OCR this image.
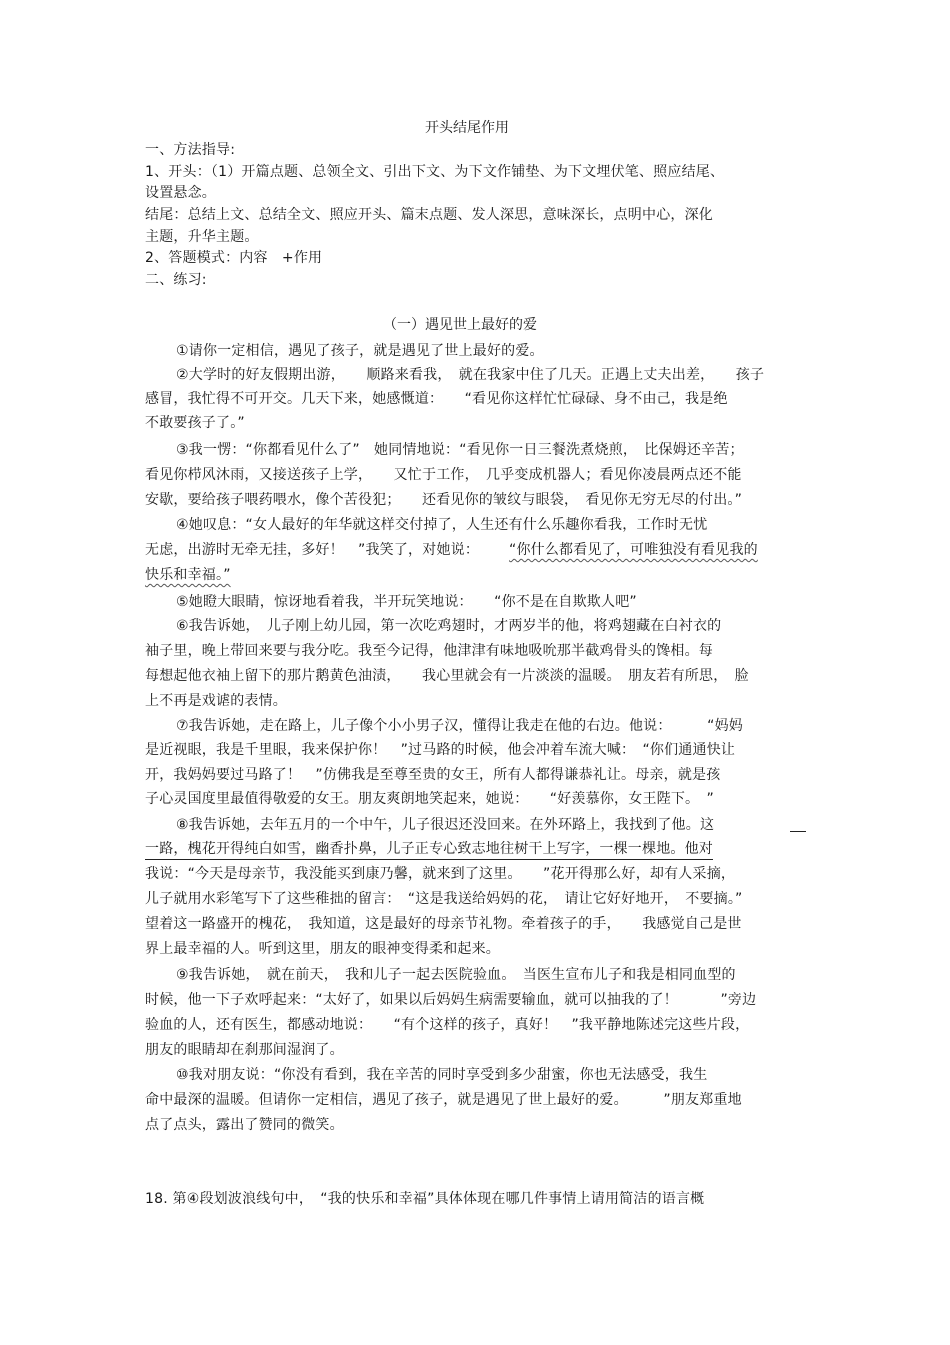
开头结尾作用
一、方法指导:
1、开头：（1）开篇点题、总领全文、引出下文、为下文作铺垫、为下文埋伏笔、照应结尾、
设置悬念。
结尾：总结上文、总结全文、照应开头、篇末点题、发人深思，意味深长，点明中心，深化
主题，升华主题。
2、答题模式：内容　+作用
二、练习:
（一）遇见世上最好的爱
①请你一定相信，遇见了孩子，就是遇见了世上最好的爱。
②大学时的好友假期出游，　　顺路来看我，　就在我家中住了几天。正遇上丈夫出差，　　孩子
感冒，我忙得不可开交。几天下来，她感慨道：　　“看见你这样忙忙碌碌、身不由己，我是绝
不敢要孩子了。”
③我一愣：“你都看见什么了”　她同情地说：“看见你一日三餐洗煮烧煎，　比保姆还辛苦；
看见你栉风沐雨，又接送孩子上学，　　又忙于工作，　几乎变成机器人；看见你凌晨两点还不能
安歇，要给孩子喂药喂水，像个苦役犯；　　还看见你的皱纹与眼袋，　看见你无穷无尽的付出。”
④她叹息：“女人最好的年华就这样交付掉了，人生还有什么乐趣你看我，工作时无忧
无虑，出游时无牵无挂，多好！　”我笑了，对她说： “你什么都看见了，可唯独没有看见我的
快乐和幸福。”
⑤她瞪大眼睛，惊讶地看着我，半开玩笑地说：　　“你不是在自欺欺人吧”
⑥我告诉她，　儿子刚上幼儿园，第一次吃鸡翅时，才两岁半的他，将鸡翅藏在白衬衣的
袖子里，晚上带回来要与我分吃。我至今记得，他津津有味地吸吮那半截鸡骨头的馋相。每
每想起他衣袖上留下的那片鹅黄色油渍，　　我心里就会有一片淡淡的温暖。　朋友若有所思，　脸
上不再是戏谑的表情。
⑦我告诉她，走在路上，儿子像个小小男子汉，懂得让我走在他的右边。他说：　　　“妈妈
是近视眼，我是千里眼，我来保护你！　”过马路的时候，他会冲着车流大喊：　“你们通通快让
开，我妈妈要过马路了！　”仿佛我是至尊至贵的女王，所有人都得谦恭礼让。母亲，就是孩
子心灵国度里最值得敬爱的女王。朋友爽朗地笑起来，她说：　　“好羡慕你，女王陛下。　”
⑧我告诉她，去年五月的一个中午，儿子很迟还没回来。在外环路上，我找到了他。这
一路，槐花开得纯白如雪，幽香扑鼻，儿子正专心致志地往树干上写字，一棵一棵地。他对
我说：“今天是母亲节，我没能买到康乃馨，就来到了这里。　　”花开得那么好，却有人采摘，
儿子就用水彩笔写下了这些稚拙的留言：　“这是我送给妈妈的花，　请让它好好地开，　不要摘。”
望着这一路盛开的槐花，　我知道，这是最好的母亲节礼物。牵着孩子的手，　　我感觉自己是世
界上最幸福的人。听到这里，朋友的眼神变得柔和起来。
⑨我告诉她，　就在前天，　我和儿子一起去医院验血。　当医生宣布儿子和我是相同血型的
时候，他一下子欢呼起来：“太好了，如果以后妈妈生病需要输血，就可以抽我的了！　　　”旁边
验血的人，还有医生，都感动地说：　　“有个这样的孩子，真好！　”我平静地陈述完这些片段，
朋友的眼睛却在刹那间湿润了。
⑩我对朋友说：“你没有看到，我在辛苦的同时享受到多少甜蜜，你也无法感受，我生
命中最深的温暖。但请你一定相信，遇见了孩子，就是遇见了世上最好的爱。　　　”朋友郑重地
点了点头，露出了赞同的微笑。
18. 第④段划波浪线句中，　“我的快乐和幸福”具体体现在哪几件事情上请用简洁的语言概
